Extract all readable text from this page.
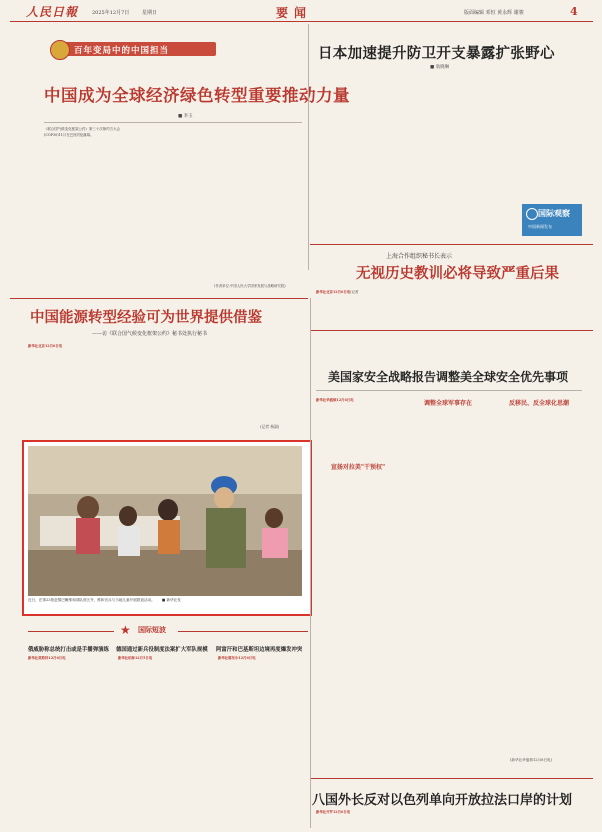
人民日報	2025年12月7日	星期日	要闻	版面编辑 邓恒 黄永辉 谢骏	4
百年变局中的中国担当
中国成为全球经济绿色转型重要推动力量
■ 李玉

《联合国气候变化框架公约》第三十次缔约方大会(COP30)11月在巴西贝伦落幕。

(作者单位:中国人民大学国家发展与战略研究院)
日本加速提升防卫开支暴露扩张野心
■ 翁晓琳
国际观察
中国新闻发布
上海合作组织秘书长表示
无视历史教训必将导致严重后果

新华社北京12月6日电(记者

中国能源转型经验可为世界提供借鉴
——访《联合国气候变化框架公约》秘书处执行秘书

新华社北京12月6日电

(记者 杨淑)
美国家安全战略报告调整美全球安全优先事项

新华社华盛顿12月6日电

宣扬对拉美"干预权"
调整全球军事存在	反移民、反全球化思潮
(新华社华盛顿12月6日电)
近日，在第23批赴黎巴嫩维和部队营区外，维和官兵与当地儿童开展联谊活动。 ■ 新华社发
★ 国际短波
俄威胁称总统打击或是手播弹演练	德国通过新兵役制度法案扩大军队规模	阿富汗和巴基斯坦边境再度爆发冲突

新华社莫斯科12月6日电	新华社柏林12月5日电	新华社喀布尔12月6日电

八国外长反对以色列单向开放拉法口岸的计划

新华社开罗12月6日电
